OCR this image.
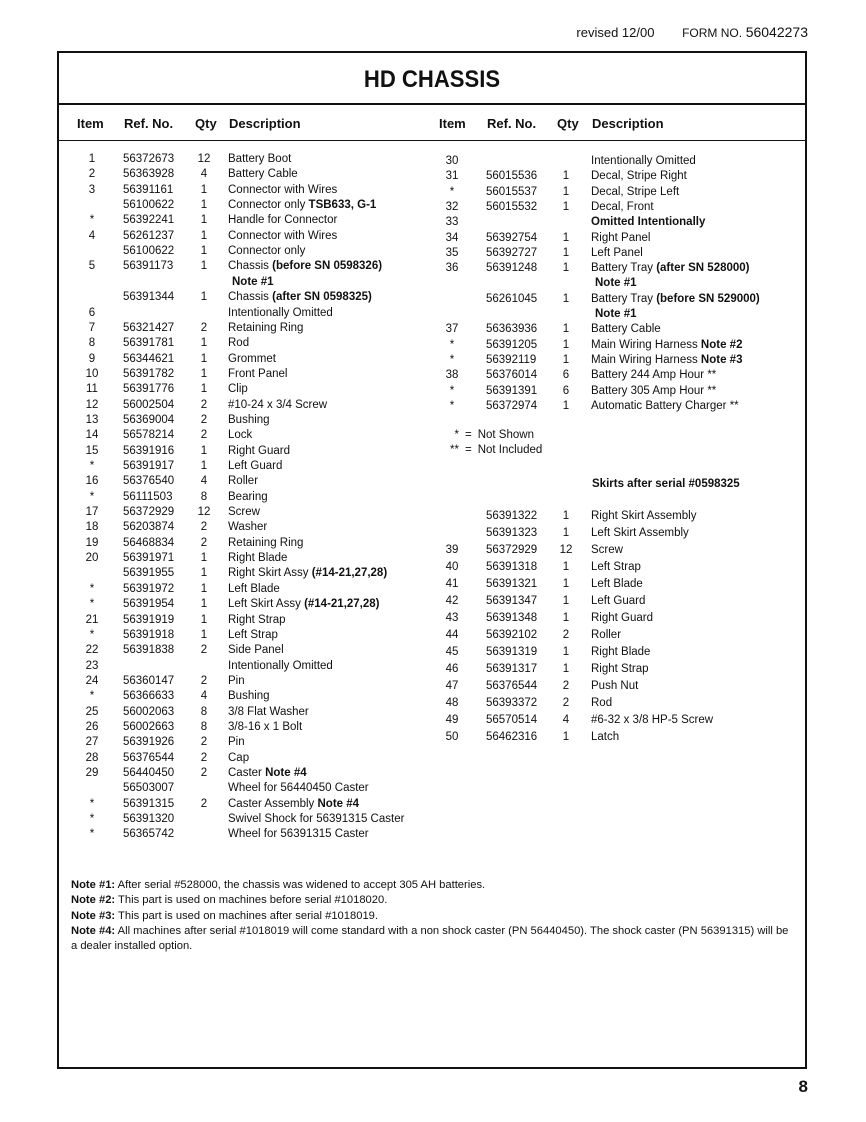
revised 12/00 FORM NO. 56042273
HD CHASSIS
Item Ref. No. Qty Description	Item Ref. No. Qty Description
1	56372673	12	Battery Boot
2	56363928	4	Battery Cable
3	56391161	1	Connector with Wires
56100622	1	Connector only TSB633, G-1
*	56392241	1	Handle for Connector
4	56261237	1	Connector with Wires
56100622	1	Connector only
5	56391173	1	Chassis (before SN 0598326)
Note #1
56391344	1	Chassis (after SN 0598325)
6	Intentionally Omitted
7	56321427	2	Retaining Ring
8	56391781	1	Rod
9	56344621	1	Grommet
10	56391782	1	Front Panel
11	56391776	1	Clip
12	56002504	2	#10-24 x 3/4 Screw
13	56369004	2	Bushing
14	56578214	2	Lock
15	56391916	1	Right Guard
*	56391917	1	Left Guard
16	56376540	4	Roller
*	56111503	8	Bearing
17	56372929	12	Screw
18	56203874	2	Washer
19	56468834	2	Retaining Ring
20	56391971	1	Right Blade
56391955	1	Right Skirt Assy (#14-21,27,28)
*	56391972	1	Left Blade
*	56391954	1	Left Skirt Assy (#14-21,27,28)
21	56391919	1	Right Strap
*	56391918	1	Left Strap
22	56391838	2	Side Panel
23	Intentionally Omitted
24	56360147	2	Pin
*	56366633	4	Bushing
25	56002063	8	3/8 Flat Washer
26	56002663	8	3/8-16 x 1 Bolt
27	56391926	2	Pin
28	56376544	2	Cap
29	56440450	2	Caster Note #4
56503007	Wheel for 56440450 Caster
*	56391315	2	Caster Assembly Note #4
*	56391320	Swivel Shock for 56391315 Caster
*	56365742	Wheel for 56391315 Caster
30	Intentionally Omitted
31	56015536	1	Decal, Stripe Right
*	56015537	1	Decal, Stripe Left
32	56015532	1	Decal, Front
33	Omitted Intentionally
34	56392754	1	Right Panel
35	56392727	1	Left Panel
36	56391248	1	Battery Tray (after SN 528000)
Note #1
56261045	1	Battery Tray (before SN 529000)
Note #1
37	56363936	1	Battery Cable
*	56391205	1	Main Wiring Harness Note #2
*	56392119	1	Main Wiring Harness Note #3
38	56376014	6	Battery 244 Amp Hour **
*	56391391	6	Battery 305 Amp Hour **
*	56372974	1	Automatic Battery Charger **
* = Not Shown
** = Not Included
Skirts after serial #0598325
56391322	1	Right Skirt Assembly
56391323	1	Left Skirt Assembly
39	56372929	12	Screw
40	56391318	1	Left Strap
41	56391321	1	Left Blade
42	56391347	1	Left Guard
43	56391348	1	Right Guard
44	56392102	2	Roller
45	56391319	1	Right Blade
46	56391317	1	Right Strap
47	56376544	2	Push Nut
48	56393372	2	Rod
49	56570514	4	#6-32 x 3/8 HP-5 Screw
50	56462316	1	Latch
Note #1: After serial #528000, the chassis was widened to accept 305 AH batteries.
Note #2: This part is used on machines before serial #1018020.
Note #3: This part is used on machines after serial #1018019.
Note #4: All machines after serial #1018019 will come standard with a non shock caster (PN 56440450). The shock caster (PN 56391315) will be a dealer installed option.
8
